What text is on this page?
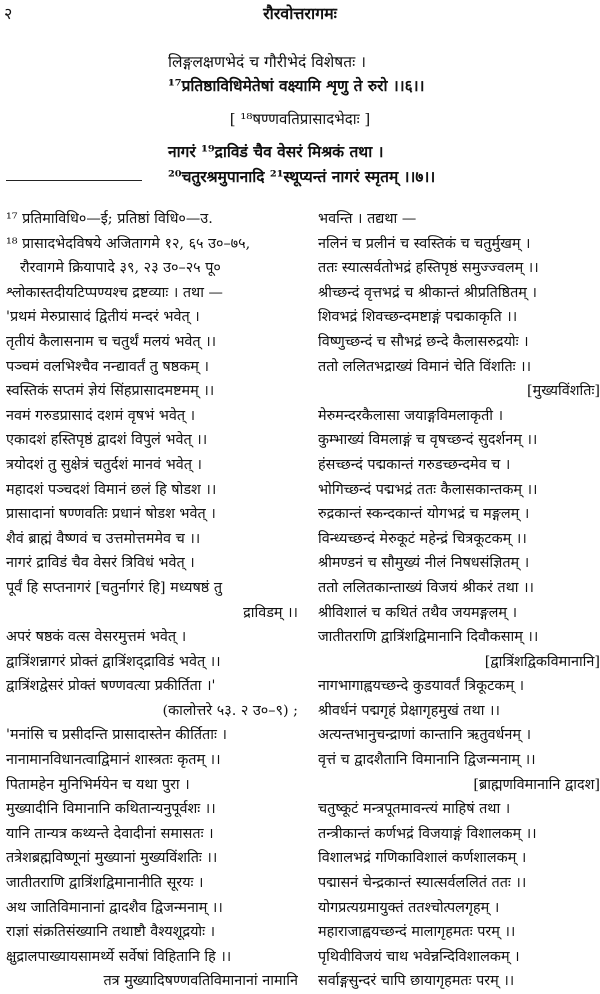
२	रौरवोत्तरागमः
लिङ्गलक्षणभेदं च गौरीभेदं विशेषतः ।
¹⁷प्रतिष्ठाविधिमेतेषां वक्ष्यामि शृणु ते रुरो ।।६।।
[ ¹⁸षण्णवतिप्रासादभेदाः ]
नागरं ¹⁹द्राविडं चैव वेसरं मिश्रकं तथा ।
²⁰चतुरश्रमुपानादि ²¹स्थूप्यन्तं नागरं स्मृतम् ।।७।।
¹⁷ प्रतिमाविधि०—ई; प्रतिष्ठां विधि०—उ.
¹⁸ प्रासादभेदविषये अजितागमे १२, ६५ उ०–७५,
रौरवागमे क्रियापादे ३९, २३ उ०–२५ पू०
श्लोकास्तदीयटिप्पण्यश्च द्रष्टव्याः । तथा —
'प्रथमं मेरुप्रासादं द्वितीयं मन्दरं भवेत् ।
तृतीयं कैलासनाम च चतुर्थं मलयं भवेत् ।।
पञ्चमं वलभिश्चैव नन्द्यावर्तं तु षष्ठकम् ।
स्वस्तिकं सप्तमं ज्ञेयं सिंहप्रासादमष्टमम् ।।
नवमं गरुडप्रासादं दशमं वृषभं भवेत् ।
एकादशं हस्तिपृष्ठं द्वादशं विपुलं भवेत् ।।
त्रयोदशं तु सुक्षेत्रं चतुर्दशं मानवं भवेत् ।
महादशं पञ्चदशं विमानं छलं हि षोडश ।।
प्रासादानां षण्णवतिः प्रधानं षोडश भवेत् ।
शैवं ब्राह्मं वैष्णवं च उत्तमोत्तममेव च ।।
नागरं द्राविडं चैव वेसरं त्रिविधं भवेत् ।
पूर्वं हि सप्तनागरं [चतुर्नागरं हि] मध्यषष्ठं तु
द्राविडम् ।।
अपरं षष्ठकं वत्स वेसरमुत्तमं भवेत् ।
द्वात्रिंशन्नागरं प्रोक्तं द्वात्रिंशद्द्राविडं भवेत् ।।
द्वात्रिंशद्वेसरं प्रोक्तं षण्णवत्या प्रकीर्तिता ।'
(कालोत्तरे ५३. २ उ०–९) ;
'मनांसि च प्रसीदन्ति प्रासादास्तेन कीर्तिताः ।
नानामानविधानत्वाद्विमानं शास्त्रतः कृतम् ।।
पितामहेन मुनिभिर्मयेन च यथा पुरा ।
मुख्यादीनि विमानानि कथितान्यनुपूर्वशः ।।
यानि तान्यत्र कथ्यन्ते देवादीनां समासतः ।
तत्रेशब्रह्मविष्णूनां मुख्यानां मुख्यविंशतिः ।।
जातीतराणि द्वात्रिंशद्विमानानीति सूरयः ।
अथ जातिविमानानां द्वादशैव द्विजन्मनाम् ।।
राज्ञां संक्रतिसंख्यानि तथाष्टौ वैश्यशूद्रयोः ।
क्षुद्रालपाख्यायसामर्थ्ये सर्वेषां विहितानि हि ।।
तत्र मुख्यादिषण्णवतिविमानानां नामानि
भवन्ति । तद्यथा —
नलिनं च प्रलीनं च स्वस्तिकं च चतुर्मुखम् ।
ततः स्यात्सर्वतोभद्रं हस्तिपृष्ठं समुज्ज्वलम् ।।
श्रीच्छन्दं वृत्तभद्रं च श्रीकान्तं श्रीप्रतिष्ठितम् ।
शिवभद्रं शिवच्छन्दमष्टाङ्गं पद्मकाकृति ।।
विष्णुच्छन्दं च सौभद्रं छन्दे कैलासरुद्रयोः ।
ततो ललितभद्राख्यं विमानं चेति विंशतिः ।।
[मुख्यविंशतिः]
मेरुमन्दरकैलासा जयाङ्गविमलाकृती ।
कुम्भाख्यं विमलाङ्गं च वृषच्छन्दं सुदर्शनम् ।।
हंसच्छन्दं पद्मकान्तं गरुडच्छन्दमेव च ।
भोगिच्छन्दं पद्मभद्रं ततः कैलासकान्तकम् ।।
रुद्रकान्तं स्कन्दकान्तं योगभद्रं च मङ्गलम् ।
विन्ध्यच्छन्दं मेरुकूटं महेन्द्रं चित्रकूटकम् ।।
श्रीमण्डनं च सौमुख्यं नीलं निषधसंज्ञितम् ।
ततो ललितकान्ताख्यं विजयं श्रीकरं तथा ।।
श्रीविशालं च कथितं तथैव जयमङ्गलम् ।
जातीतराणि द्वात्रिंशद्विमानानि दिवौकसाम् ।।
[द्वात्रिंशद्विकविमानानि]
नागभागाह्वयच्छन्दे कुडयावर्तं त्रिकूटकम् ।
श्रीवर्धनं पद्मगृहं प्रेक्षागृहमुखं तथा ।।
अत्यन्तभानुचन्द्राणां कान्तानि ऋतुवर्धनम् ।
वृत्तं च द्वादशैतानि विमानानि द्विजन्मनाम् ।।
[ब्राह्मणविमानानि द्वादश]
चतुष्कूटं मन्त्रपूतमावन्त्यं माहिषं तथा ।
तन्त्रीकान्तं कर्णभद्रं विजयाङ्गं विशालकम् ।।
विशालभद्रं गणिकाविशालं कर्णशालकम् ।
पद्मासनं चेन्द्रकान्तं स्यात्सर्वललितं ततः ।।
योगप्रत्यग्रमायुक्तं ततश्चोत्पलगृहम् ।
महाराजाह्वयच्छन्दं मालागृहमतः परम् ।।
पृथिवीविजयं चाथ भवेन्नन्दिविशालकम् ।
सर्वाङ्गसुन्दरं चापि छायागृहमतः परम् ।।
